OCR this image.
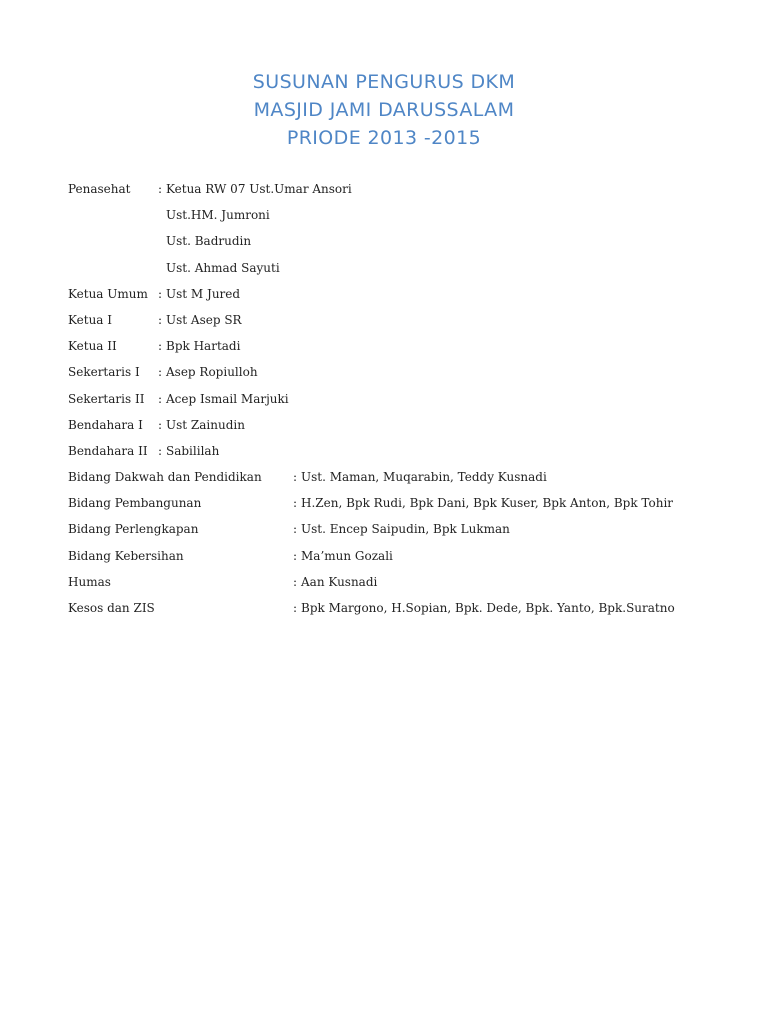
SUSUNAN PENGURUS DKM
MASJID JAMI DARUSSALAM
PRIODE 2013 -2015
Penasehat : Ketua RW 07 Ust.Umar Ansori
Ust.HM. Jumroni
Ust. Badrudin
Ust. Ahmad Sayuti
Ketua Umum : Ust M Jured
Ketua I	: Ust Asep SR
Ketua II	: Bpk Hartadi
Sekertaris I : Asep Ropiulloh
Sekertaris II : Acep Ismail Marjuki
Bendahara I : Ust Zainudin
Bendahara II : Sabililah
Bidang Dakwah dan Pendidikan	: Ust. Maman, Muqarabin, Teddy Kusnadi
Bidang Pembangunan	: H.Zen, Bpk Rudi, Bpk Dani, Bpk Kuser, Bpk Anton, Bpk Tohir
Bidang Perlengkapan	: Ust. Encep Saipudin, Bpk Lukman
Bidang Kebersihan	: Ma’mun Gozali
Humas	: Aan Kusnadi
Kesos dan ZIS	: Bpk Margono, H.Sopian, Bpk. Dede, Bpk. Yanto, Bpk.Suratno
